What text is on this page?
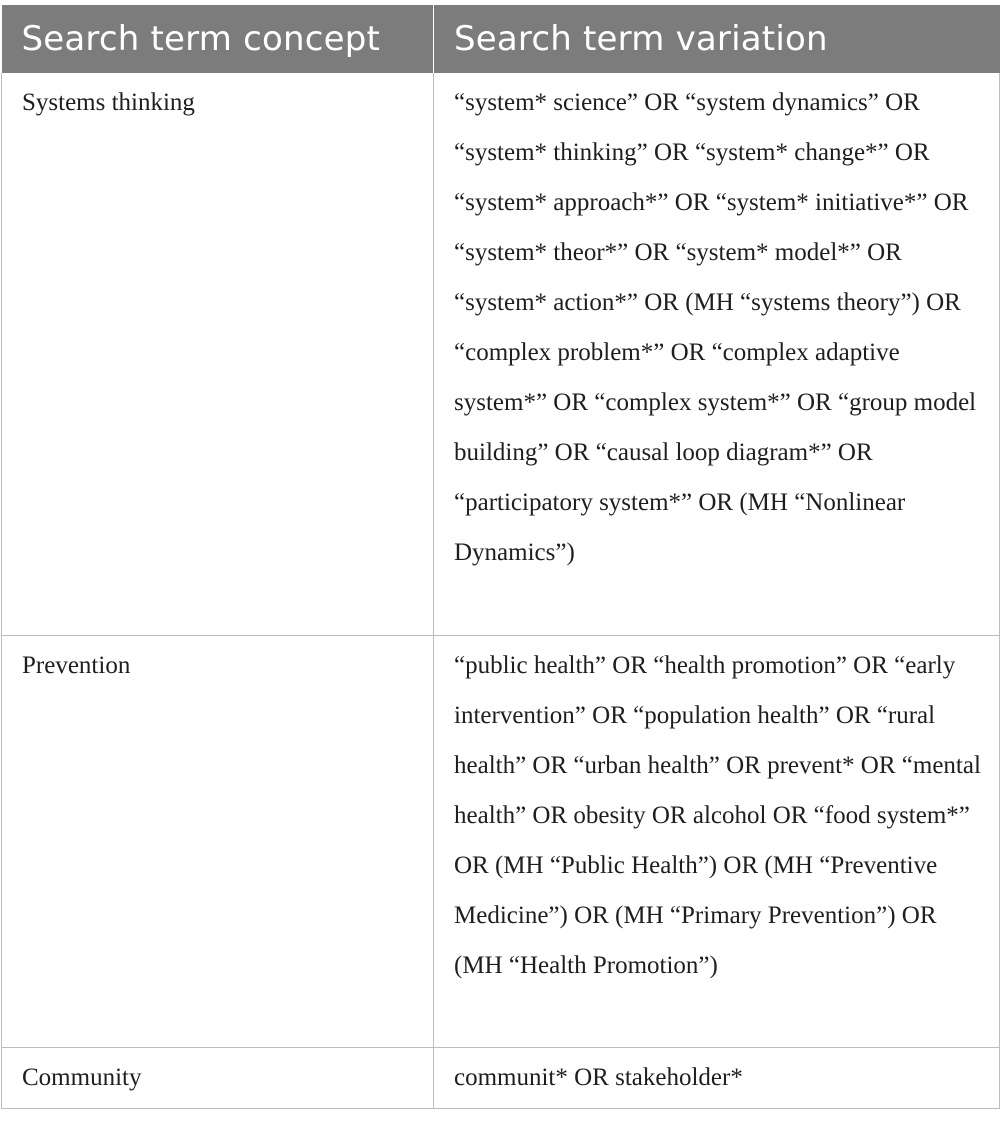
Search term concept	Search term variation
Systems thinking	“system* science” OR “system dynamics” OR “system* thinking” OR “system* change*” OR “system* approach*” OR “system* initiative*” OR “system* theor*” OR “system* model*” OR “system* action*” OR (MH “systems theory”) OR “complex problem*” OR “complex adaptive system*” OR “complex system*” OR “group model building” OR “causal loop diagram*” OR “participatory system*” OR (MH “Nonlinear Dynamics”)
Prevention	“public health” OR “health promotion” OR “early intervention” OR “population health” OR “rural health” OR “urban health” OR prevent* OR “mental health” OR obesity OR alcohol OR “food system*” OR (MH “Public Health”) OR (MH “Preventive Medicine”) OR (MH “Primary Prevention”) OR (MH “Health Promotion”)
Community	communit* OR stakeholder*
